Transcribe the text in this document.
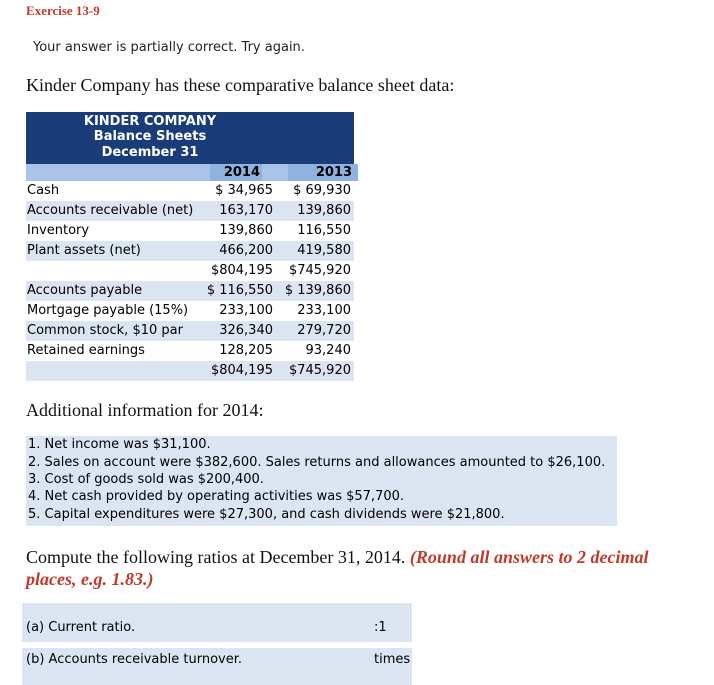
Exercise 13-9
Your answer is partially correct. Try again.
Kinder Company has these comparative balance sheet data:
KINDER COMPANY
Balance Sheets
December 31
2014	2013
Cash	$ 34,965 $ 69,930
Accounts receivable (net) 163,170 139,860
Inventory	139,860 116,550
Plant assets (net)	466,200 419,580
$804,195 $745,920
Accounts payable	$ 116,550 $ 139,860
Mortgage payable (15%) 233,100 233,100
Common stock, $10 par	326,340 279,720
Retained earnings	128,205	93,240
$804,195 $745,920
Additional information for 2014:
1. Net income was $31,100.
2. Sales on account were $382,600. Sales returns and allowances amounted to $26,100.
3. Cost of goods sold was $200,400.
4. Net cash provided by operating activities was $57,700.
5. Capital expenditures were $27,300, and cash dividends were $21,800.
Compute the following ratios at December 31, 2014. (Round all answers to 2 decimal places, e.g. 1.83.)
(a) Current ratio.	:1
(b) Accounts receivable turnover.	times
